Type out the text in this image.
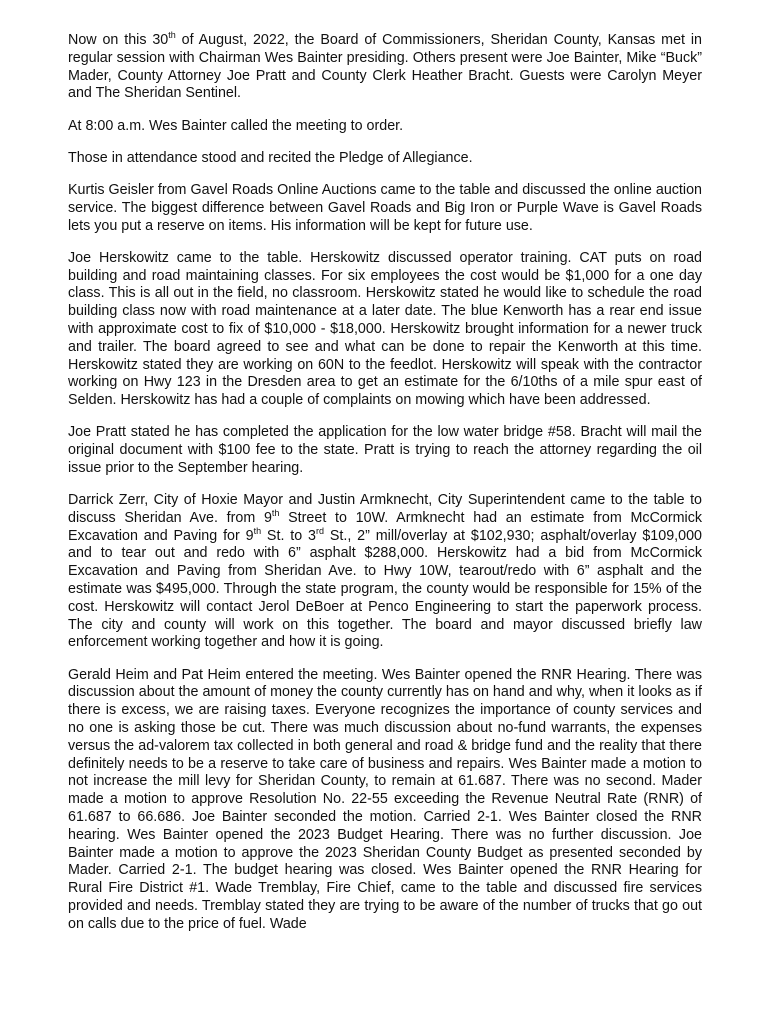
Now on this 30th of August, 2022, the Board of Commissioners, Sheridan County, Kansas met in regular session with Chairman Wes Bainter presiding. Others present were Joe Bainter, Mike “Buck” Mader, County Attorney Joe Pratt and County Clerk Heather Bracht. Guests were Carolyn Meyer and The Sheridan Sentinel.

At 8:00 a.m. Wes Bainter called the meeting to order.

Those in attendance stood and recited the Pledge of Allegiance.

Kurtis Geisler from Gavel Roads Online Auctions came to the table and discussed the online auction service. The biggest difference between Gavel Roads and Big Iron or Purple Wave is Gavel Roads lets you put a reserve on items. His information will be kept for future use.

Joe Herskowitz came to the table. Herskowitz discussed operator training. CAT puts on road building and road maintaining classes. For six employees the cost would be $1,000 for a one day class. This is all out in the field, no classroom. Herskowitz stated he would like to schedule the road building class now with road maintenance at a later date. The blue Kenworth has a rear end issue with approximate cost to fix of $10,000 - $18,000. Herskowitz brought information for a newer truck and trailer. The board agreed to see and what can be done to repair the Kenworth at this time. Herskowitz stated they are working on 60N to the feedlot. Herskowitz will speak with the contractor working on Hwy 123 in the Dresden area to get an estimate for the 6/10ths of a mile spur east of Selden. Herskowitz has had a couple of complaints on mowing which have been addressed.

Joe Pratt stated he has completed the application for the low water bridge #58. Bracht will mail the original document with $100 fee to the state. Pratt is trying to reach the attorney regarding the oil issue prior to the September hearing.

Darrick Zerr, City of Hoxie Mayor and Justin Armknecht, City Superintendent came to the table to discuss Sheridan Ave. from 9th Street to 10W. Armknecht had an estimate from McCormick Excavation and Paving for 9th St. to 3rd St., 2” mill/overlay at $102,930; asphalt/overlay $109,000 and to tear out and redo with 6” asphalt $288,000. Herskowitz had a bid from McCormick Excavation and Paving from Sheridan Ave. to Hwy 10W, tearout/redo with 6” asphalt and the estimate was $495,000. Through the state program, the county would be responsible for 15% of the cost. Herskowitz will contact Jerol DeBoer at Penco Engineering to start the paperwork process. The city and county will work on this together. The board and mayor discussed briefly law enforcement working together and how it is going.

Gerald Heim and Pat Heim entered the meeting. Wes Bainter opened the RNR Hearing. There was discussion about the amount of money the county currently has on hand and why, when it looks as if there is excess, we are raising taxes. Everyone recognizes the importance of county services and no one is asking those be cut. There was much discussion about no-fund warrants, the expenses versus the ad-valorem tax collected in both general and road & bridge fund and the reality that there definitely needs to be a reserve to take care of business and repairs. Wes Bainter made a motion to not increase the mill levy for Sheridan County, to remain at 61.687. There was no second. Mader made a motion to approve Resolution No. 22-55 exceeding the Revenue Neutral Rate (RNR) of 61.687 to 66.686. Joe Bainter seconded the motion. Carried 2-1. Wes Bainter closed the RNR hearing. Wes Bainter opened the 2023 Budget Hearing. There was no further discussion. Joe Bainter made a motion to approve the 2023 Sheridan County Budget as presented seconded by Mader. Carried 2-1. The budget hearing was closed. Wes Bainter opened the RNR Hearing for Rural Fire District #1. Wade Tremblay, Fire Chief, came to the table and discussed fire services provided and needs. Tremblay stated they are trying to be aware of the number of trucks that go out on calls due to the price of fuel. Wade
